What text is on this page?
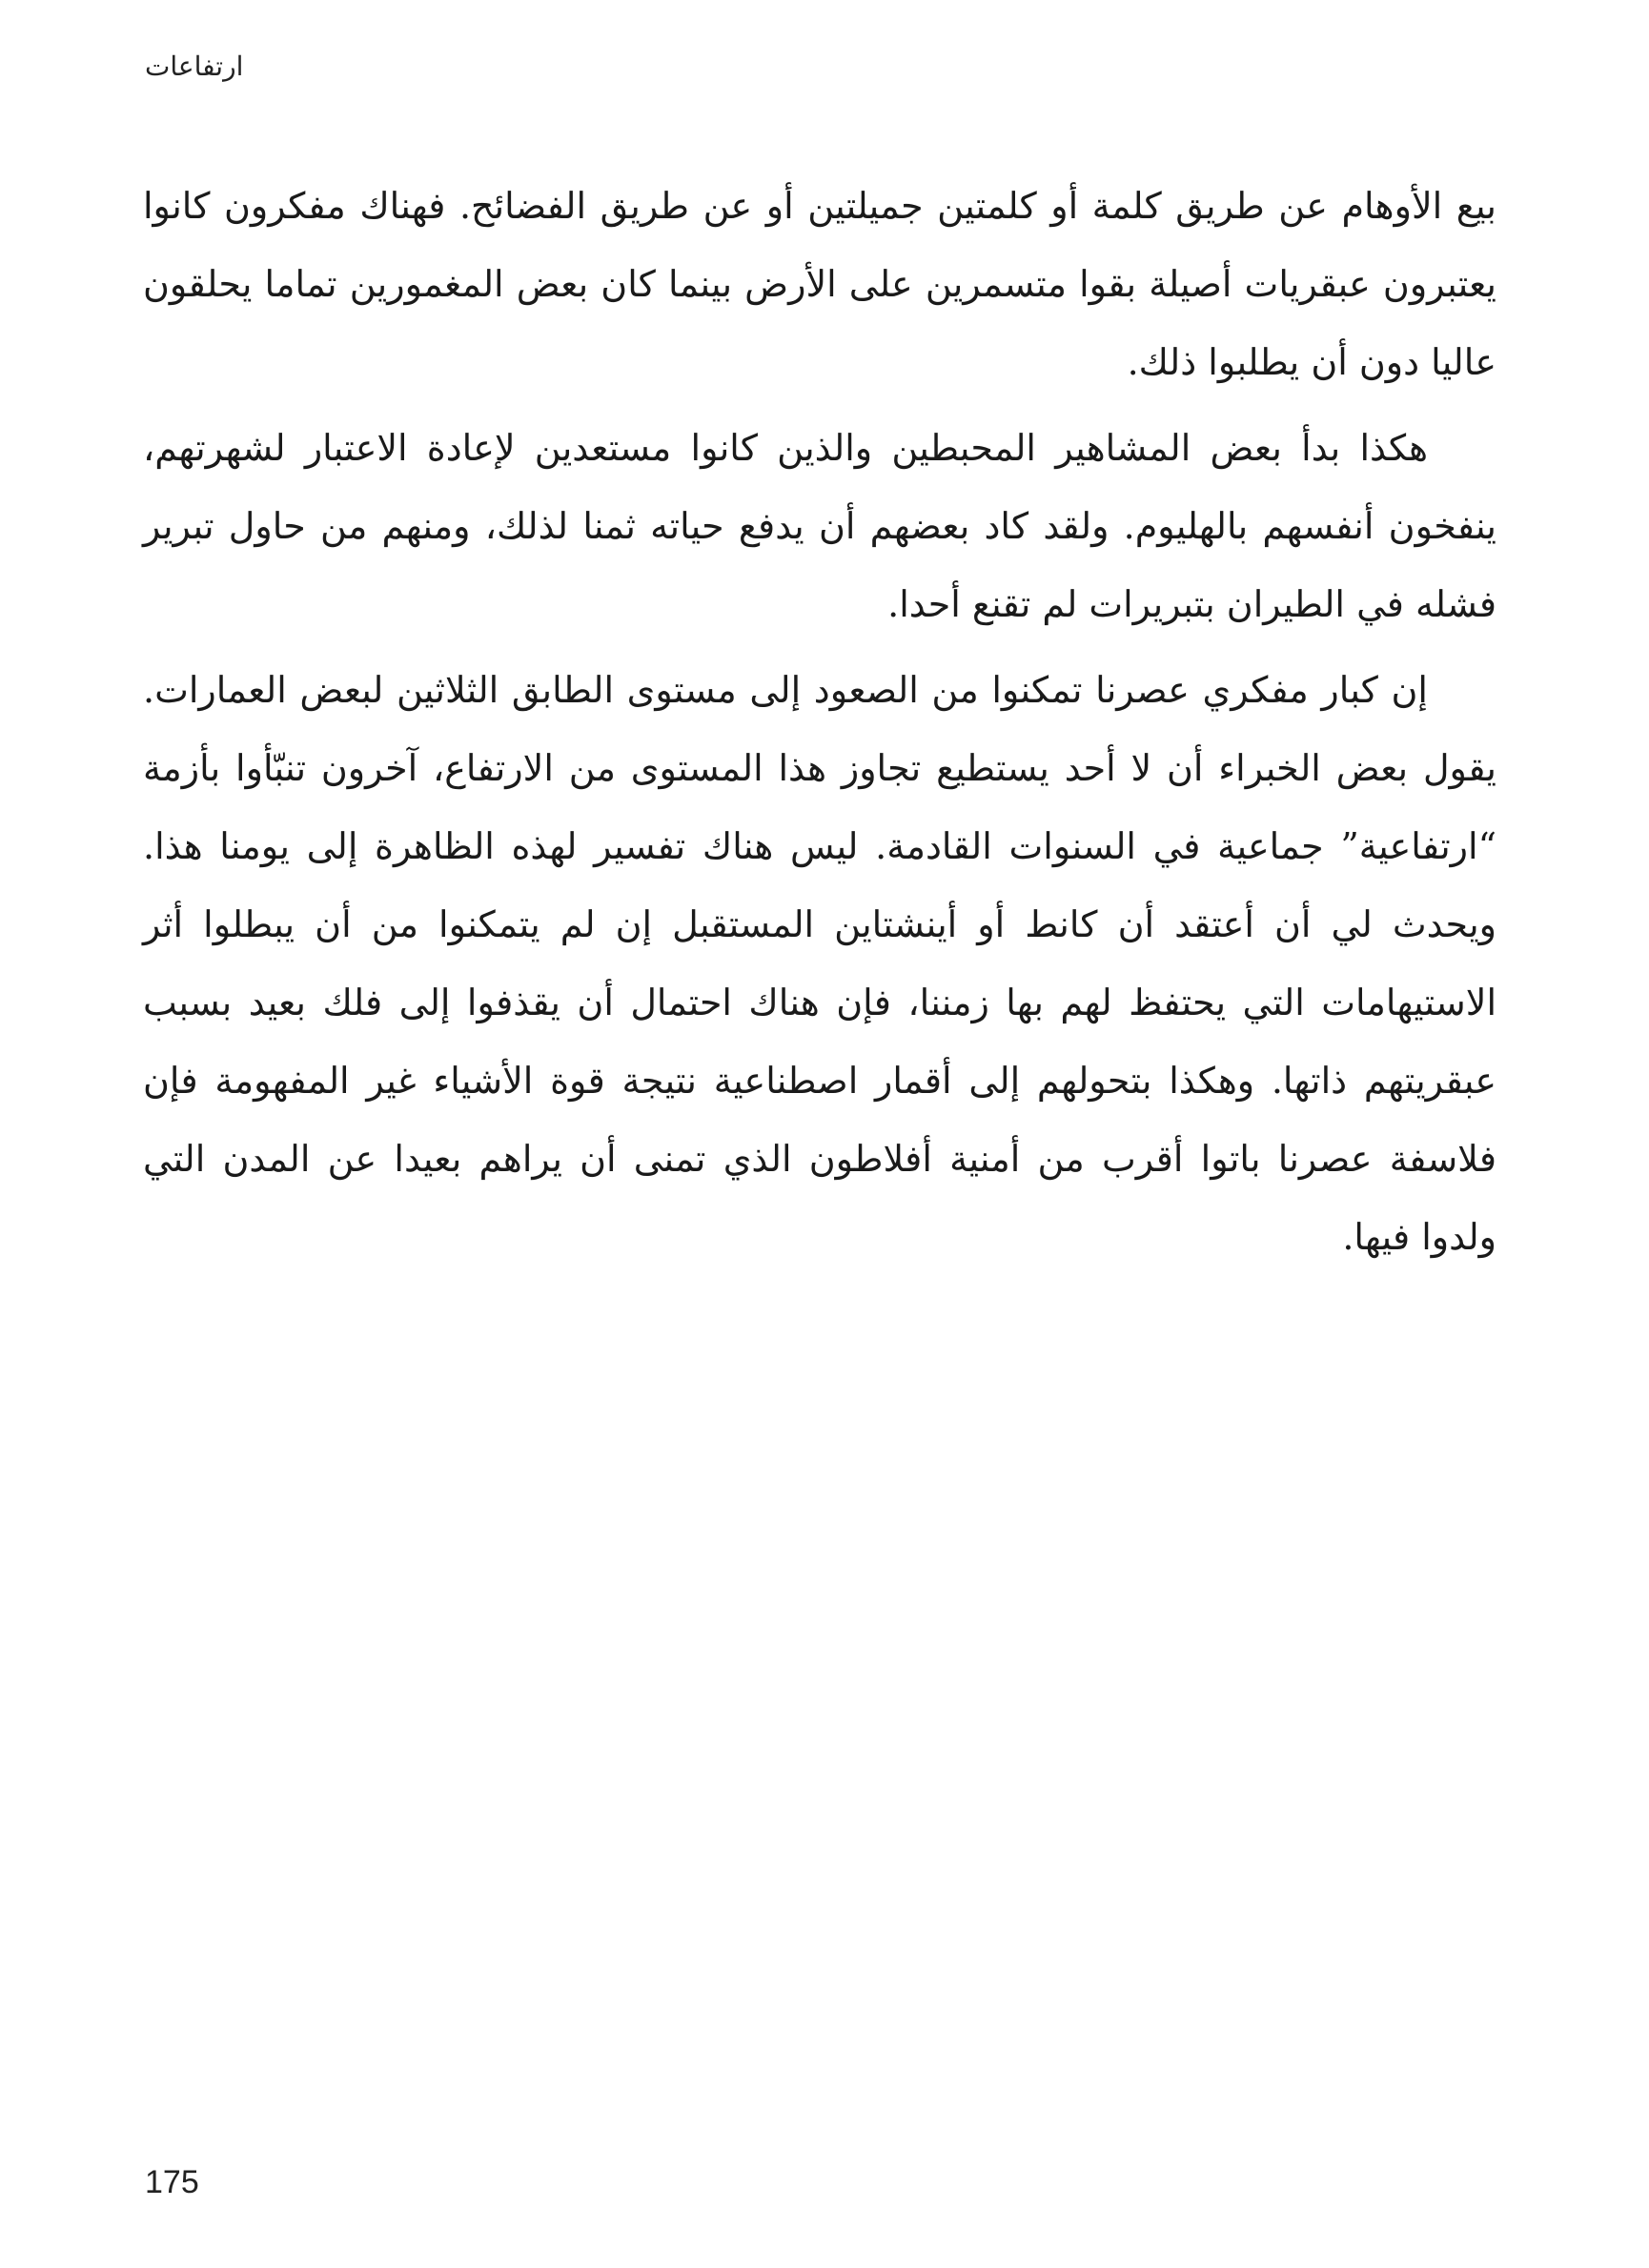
ارتفاعات

بيع الأوهام عن طريق كلمة أو كلمتين جميلتين أو عن طريق الفضائح. فهناك مفكرون كانوا يعتبرون عبقريات أصيلة بقوا متسمرين على الأرض بينما كان بعض المغمورين تماما يحلقون عاليا دون أن يطلبوا ذلك.

هكذا بدأ بعض المشاهير المحبطين والذين كانوا مستعدين لإعادة الاعتبار لشهرتهم، ينفخون أنفسهم بالهليوم. ولقد كاد بعضهم أن يدفع حياته ثمنا لذلك، ومنهم من حاول تبرير فشله في الطيران بتبريرات لم تقنع أحدا.

إن كبار مفكري عصرنا تمكنوا من الصعود إلى مستوى الطابق الثلاثين لبعض العمارات. يقول بعض الخبراء أن لا أحد يستطيع تجاوز هذا المستوى من الارتفاع، آخرون تنبّأوا بأزمة “ارتفاعية” جماعية في السنوات القادمة. ليس هناك تفسير لهذه الظاهرة إلى يومنا هذا. ويحدث لي أن أعتقد أن كانط أو أينشتاين المستقبل إن لم يتمكنوا من أن يبطلوا أثر الاستيهامات التي يحتفظ لهم بها زمننا، فإن هناك احتمال أن يقذفوا إلى فلك بعيد بسبب عبقريتهم ذاتها. وهكذا بتحولهم إلى أقمار اصطناعية نتيجة قوة الأشياء غير المفهومة فإن فلاسفة عصرنا باتوا أقرب من أمنية أفلاطون الذي تمنى أن يراهم بعيدا عن المدن التي ولدوا فيها.

175
